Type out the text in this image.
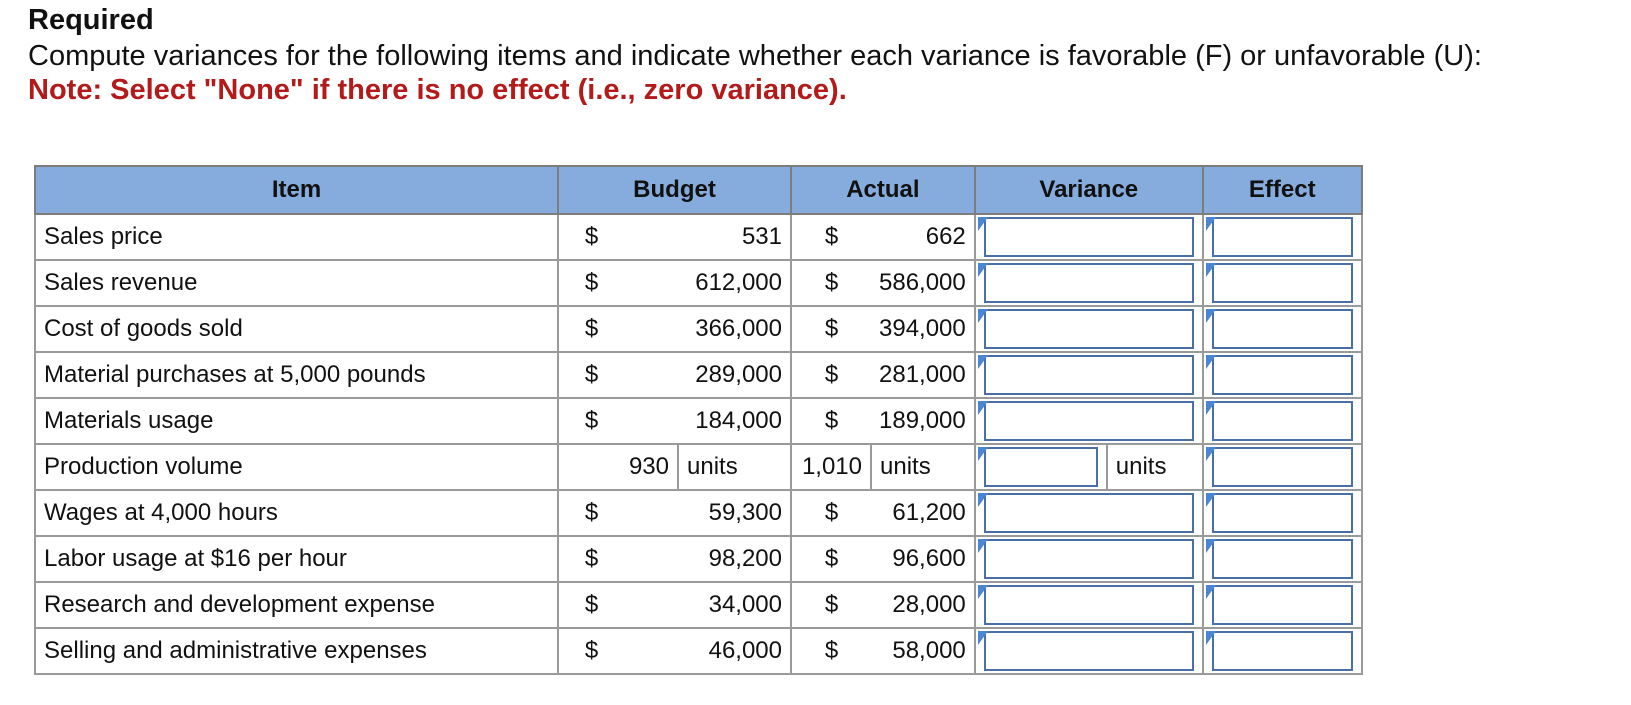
Required

Compute variances for the following items and indicate whether each variance is favorable (F) or unfavorable (U):

Note: Select "None" if there is no effect (i.e., zero variance).

Item	Budget			Actual		Variance		Effect
Sales price	$	531		$	662		

Sales revenue	$	612,000		$	586,000		

Cost of goods sold	$	366,000		$	394,000		

Material purchases at 5,000 pounds	$	289,000		$	281,000		

Materials usage	$	184,000		$	189,000		

Production volume	930		units	1,010	units		units	

Wages at 4,000 hours	$	59,300		$	61,200		

Labor usage at $16 per hour	$	98,200		$	96,600		

Research and development expense	$	34,000		$	28,000		

Selling and administrative expenses	$	46,000		$	58,000		
